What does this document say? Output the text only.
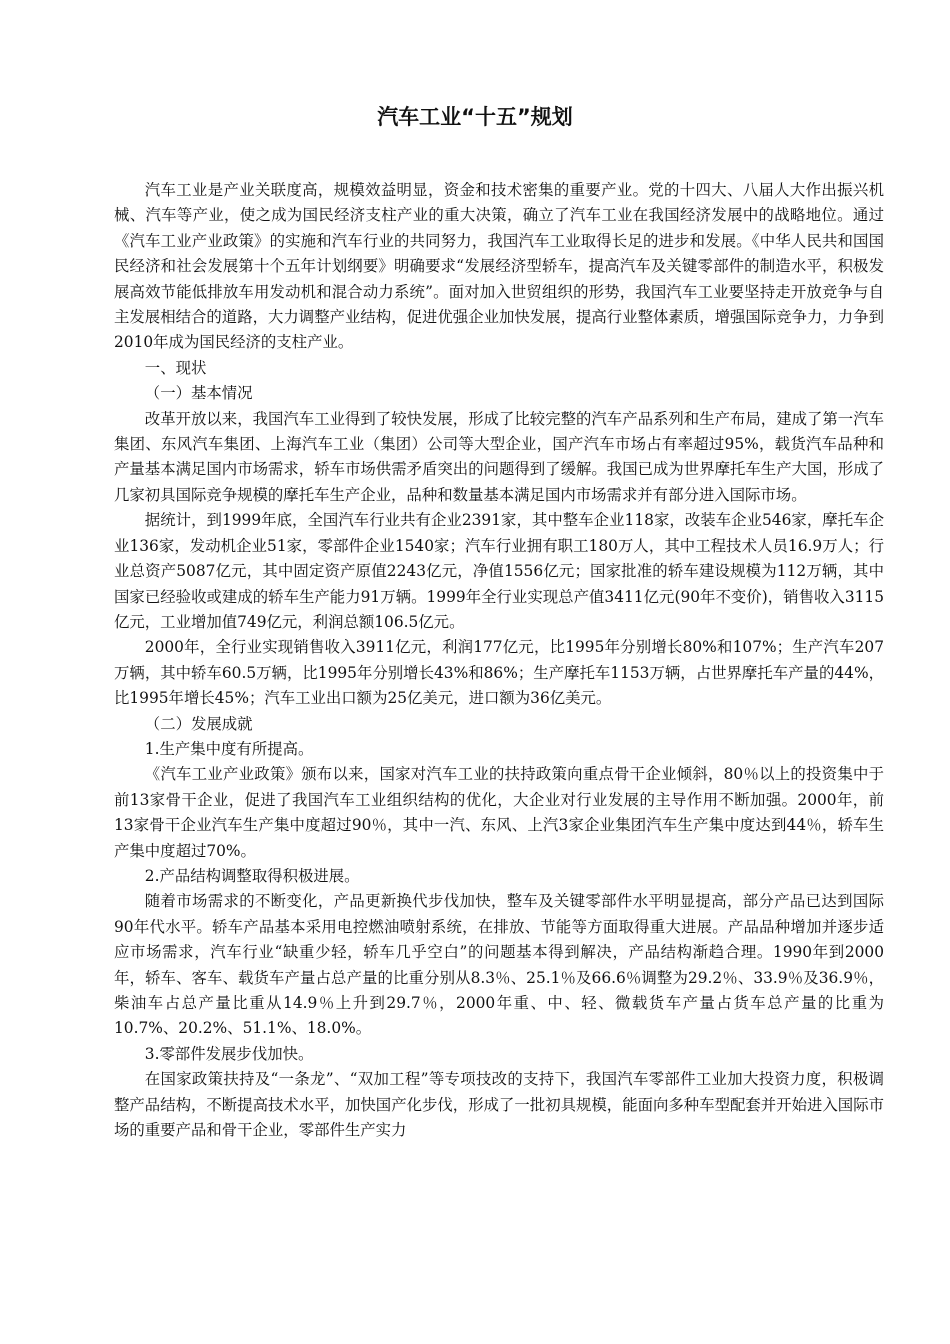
汽车工业“十五”规划

汽车工业是产业关联度高，规模效益明显，资金和技术密集的重要产业。党的十四大、八届人大作出振兴机械、汽车等产业，使之成为国民经济支柱产业的重大决策，确立了汽车工业在我国经济发展中的战略地位。通过《汽车工业产业政策》的实施和汽车行业的共同努力，我国汽车工业取得长足的进步和发展。《中华人民共和国国民经济和社会发展第十个五年计划纲要》明确要求“发展经济型轿车，提高汽车及关键零部件的制造水平，积极发展高效节能低排放车用发动机和混合动力系统”。面对加入世贸组织的形势，我国汽车工业要坚持走开放竞争与自主发展相结合的道路，大力调整产业结构，促进优强企业加快发展，提高行业整体素质，增强国际竞争力，力争到2010年成为国民经济的支柱产业。

一、现状

（一）基本情况

改革开放以来，我国汽车工业得到了较快发展，形成了比较完整的汽车产品系列和生产布局，建成了第一汽车集团、东风汽车集团、上海汽车工业（集团）公司等大型企业，国产汽车市场占有率超过95%，载货汽车品种和产量基本满足国内市场需求，轿车市场供需矛盾突出的问题得到了缓解。我国已成为世界摩托车生产大国，形成了几家初具国际竞争规模的摩托车生产企业，品种和数量基本满足国内市场需求并有部分进入国际市场。

据统计，到1999年底，全国汽车行业共有企业2391家，其中整车企业118家，改装车企业546家，摩托车企业136家，发动机企业51家，零部件企业1540家；汽车行业拥有职工180万人，其中工程技术人员16.9万人；行业总资产5087亿元，其中固定资产原值2243亿元，净值1556亿元；国家批准的轿车建设规模为112万辆，其中国家已经验收或建成的轿车生产能力91万辆。1999年全行业实现总产值3411亿元(90年不变价)，销售收入3115亿元，工业增加值749亿元，利润总额106.5亿元。

2000年，全行业实现销售收入3911亿元，利润177亿元，比1995年分别增长80%和107%；生产汽车207万辆，其中轿车60.5万辆，比1995年分别增长43%和86%；生产摩托车1153万辆，占世界摩托车产量的44%，比1995年增长45%；汽车工业出口额为25亿美元，进口额为36亿美元。

（二）发展成就

1.生产集中度有所提高。

《汽车工业产业政策》颁布以来，国家对汽车工业的扶持政策向重点骨干企业倾斜，80％以上的投资集中于前13家骨干企业，促进了我国汽车工业组织结构的优化，大企业对行业发展的主导作用不断加强。2000年，前13家骨干企业汽车生产集中度超过90％，其中一汽、东风、上汽3家企业集团汽车生产集中度达到44％，轿车生产集中度超过70%。

2.产品结构调整取得积极进展。

随着市场需求的不断变化，产品更新换代步伐加快，整车及关键零部件水平明显提高，部分产品已达到国际90年代水平。轿车产品基本采用电控燃油喷射系统，在排放、节能等方面取得重大进展。产品品种增加并逐步适应市场需求，汽车行业“缺重少轻，轿车几乎空白”的问题基本得到解决，产品结构渐趋合理。1990年到2000年，轿车、客车、载货车产量占总产量的比重分别从8.3％、25.1％及66.6％调整为29.2％、33.9％及36.9％，柴油车占总产量比重从14.9％上升到29.7％，2000年重、中、轻、微载货车产量占货车总产量的比重为10.7%、20.2%、51.1%、18.0%。

3.零部件发展步伐加快。

在国家政策扶持及“一条龙”、“双加工程”等专项技改的支持下，我国汽车零部件工业加大投资力度，积极调整产品结构，不断提高技术水平，加快国产化步伐，形成了一批初具规模，能面向多种车型配套并开始进入国际市场的重要产品和骨干企业，零部件生产实力
